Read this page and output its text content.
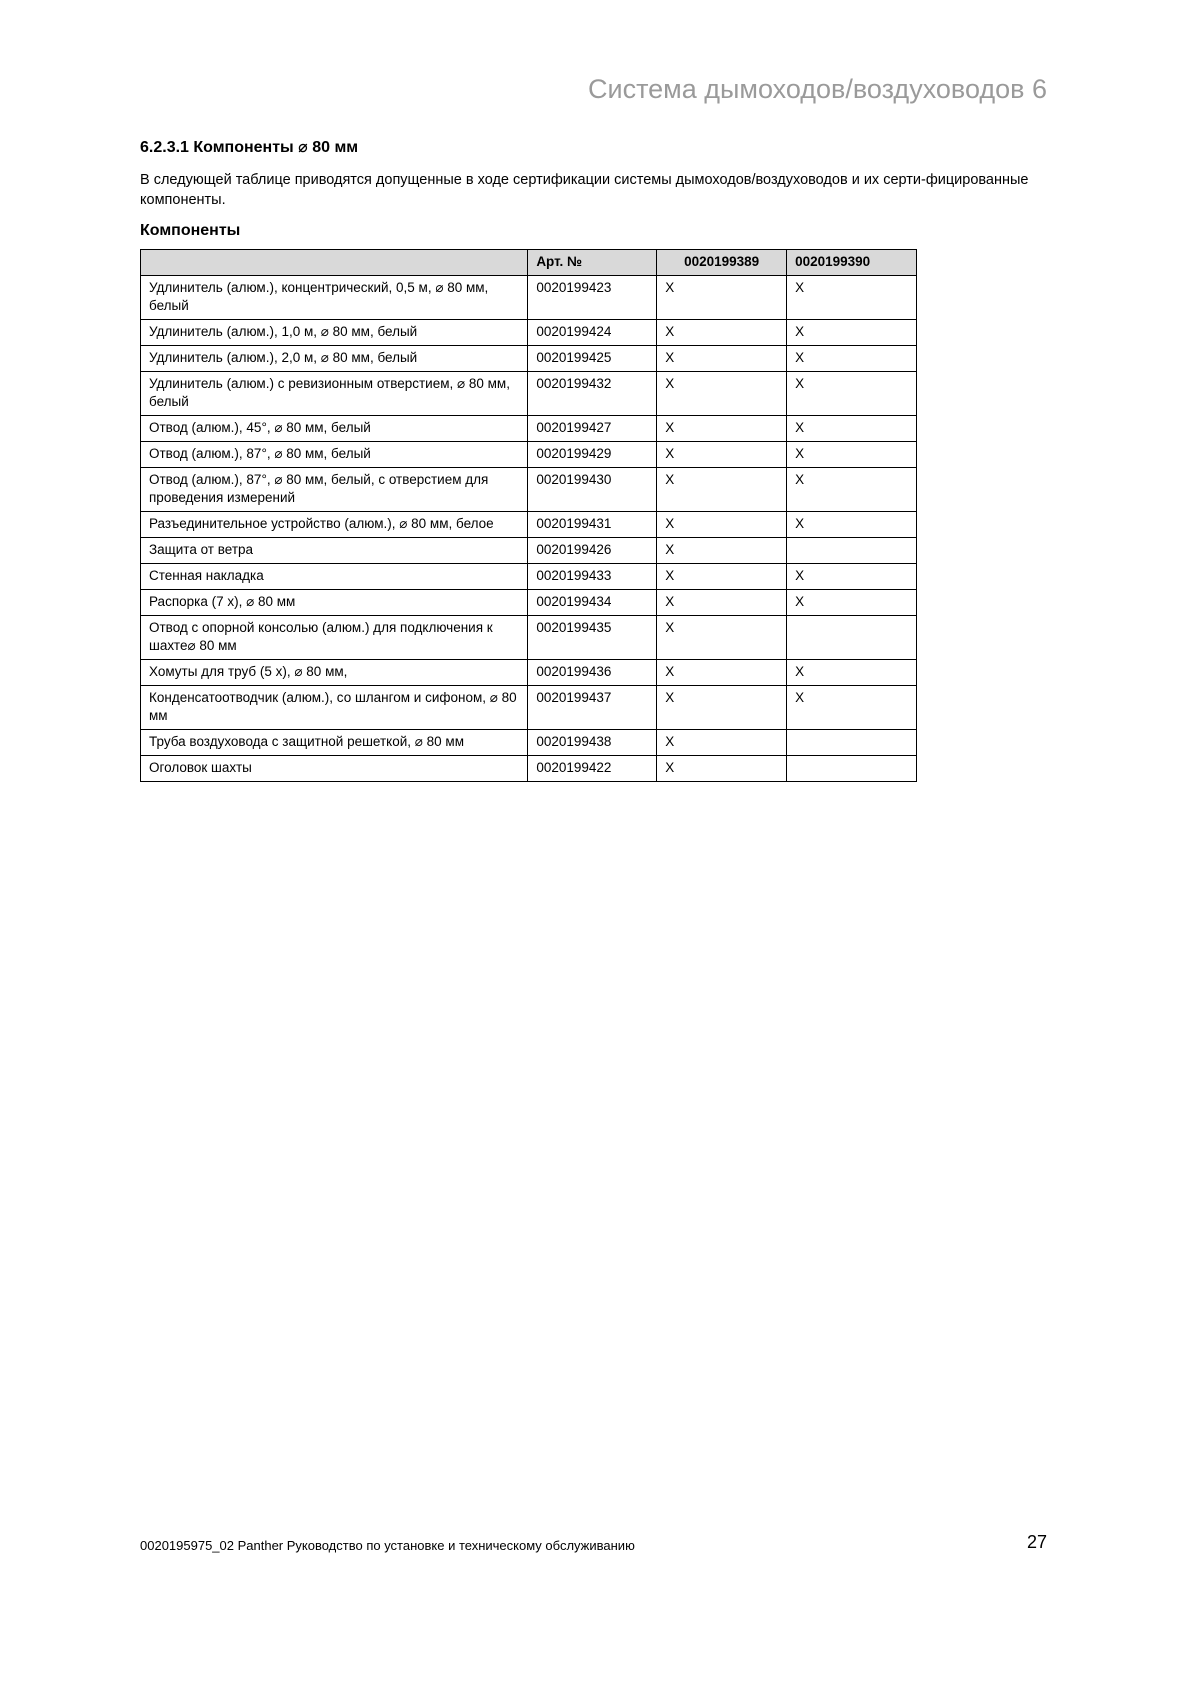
Система дымоходов/воздуховодов 6
6.2.3.1 Компоненты ⌀ 80 мм
В следующей таблице приводятся допущенные в ходе сертификации системы дымоходов/воздуховодов и их серти-фицированные компоненты.
Компоненты
	Арт. №	0020199389	0020199390
Удлинитель (алюм.), концентрический, 0,5 м, ⌀ 80 мм, белый	0020199423	X	X
Удлинитель (алюм.), 1,0 м, ⌀ 80 мм, белый	0020199424	X	X
Удлинитель (алюм.), 2,0 м, ⌀ 80 мм, белый	0020199425	X	X
Удлинитель (алюм.) с ревизионным отверстием, ⌀ 80 мм, белый	0020199432	X	X
Отвод (алюм.), 45°, ⌀ 80 мм, белый	0020199427	X	X
Отвод (алюм.), 87°, ⌀ 80 мм, белый	0020199429	X	X
Отвод (алюм.), 87°, ⌀ 80 мм, белый, с отверстием для проведения измерений	0020199430	X	X
Разъединительное устройство (алюм.), ⌀ 80 мм, белое	0020199431	X	X
Защита от ветра	0020199426	X	
Стенная накладка	0020199433	X	X
Распорка (7 x), ⌀ 80 мм	0020199434	X	X
Отвод с опорной консолью (алюм.) для подключения к шахте⌀ 80 мм	0020199435	X	
Хомуты для труб (5 x), ⌀ 80 мм,	0020199436	X	X
Конденсатоотводчик (алюм.), со шлангом и сифоном, ⌀ 80 мм	0020199437	X	X
Труба воздуховода с защитной решеткой, ⌀ 80 мм	0020199438	X	
Оголовок шахты	0020199422	X	
0020195975_02 Panther Руководство по установке и техническому обслуживанию	27
